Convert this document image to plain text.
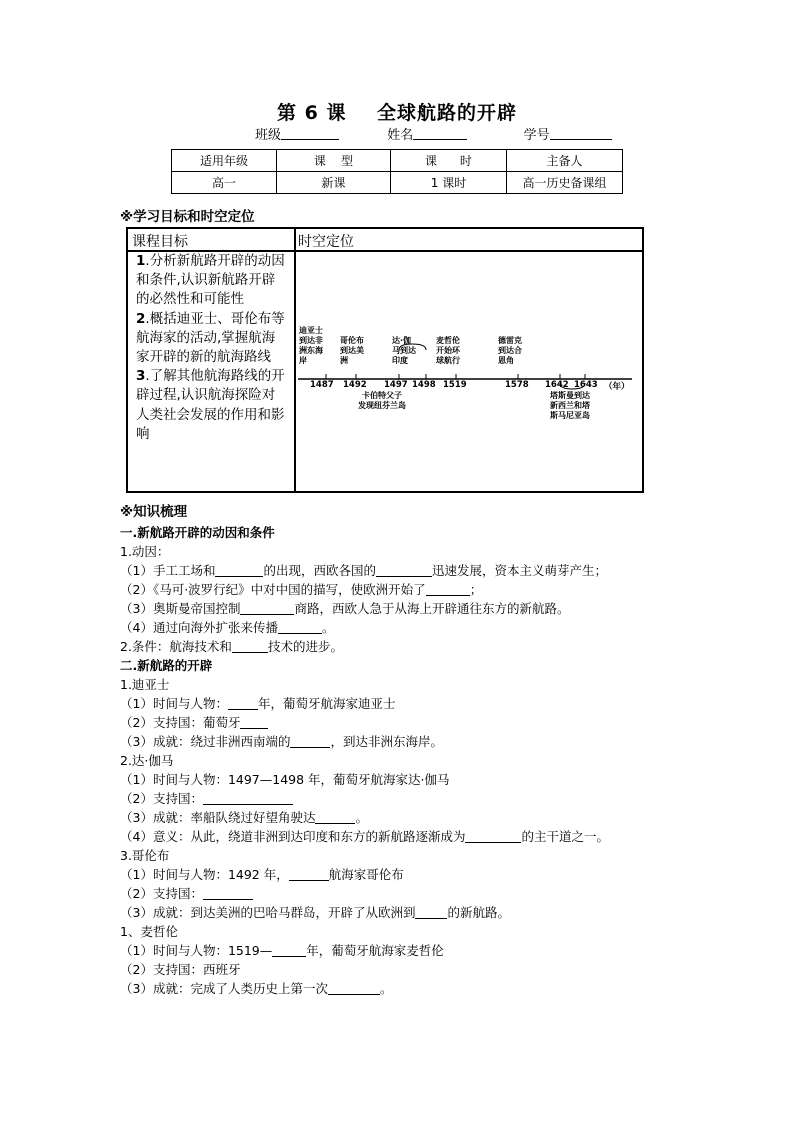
第 6 课    全球航路的开辟
班级	姓名	学号
适用年级	课    型	课      时	主备人
高一	新课	1 课时	高一历史备课组
※学习目标和时空定位
课程目标	时空定位
1.分析新航路开辟的动因和条件,认识新航路开辟的必然性和可能性
2.概括迪亚士、哥伦布等航海家的活动,掌握航海家开辟的新的航海路线
3.了解其他航海路线的开辟过程,认识航海探险对人类社会发展的作用和影响
1487 1492 1497 1498 1519	1578 1642 1643 （年）
迪亚士
到达非
洲东海
岸
哥伦布
到达美
洲
达·伽
马到达
印度
麦哲伦
开始环
球航行
德雷克
到达合
恩角
卡伯特父子
发现纽芬兰岛
塔斯曼到达
新西兰和塔
斯马尼亚岛
※知识梳理
一.新航路开辟的动因和条件
1.动因：
（1）手工工场和	的出现，西欧各国的	迅速发展，资本主义萌芽产生；
（2）《马可·波罗行纪》中对中国的描写，使欧洲开始了	；
（3）奥斯曼帝国控制	商路，西欧人急于从海上开辟通往东方的新航路。
（4）通过向海外扩张来传播	。
2.条件：航海技术和	技术的进步。
二.新航路的开辟
1.迪亚士
（1）时间与人物： 年，葡萄牙航海家迪亚士
（2）支持国：葡萄牙
（3）成就：绕过非洲西南端的	，到达非洲东海岸。
2.达·伽马
（1）时间与人物：1497—1498 年，葡萄牙航海家达·伽马
（2）支持国：
（3）成就：率船队绕过好望角驶达	。
（4）意义：从此，绕道非洲到达印度和东方的新航路逐渐成为	的主干道之一。
3.哥伦布
（1）时间与人物：1492 年，	航海家哥伦布
（2）支持国：
（3）成就：到达美洲的巴哈马群岛，开辟了从欧洲到	的新航路。
1、麦哲伦
（1）时间与人物：1519—	年，葡萄牙航海家麦哲伦
（2）支持国：西班牙
（3）成就：完成了人类历史上第一次	。
